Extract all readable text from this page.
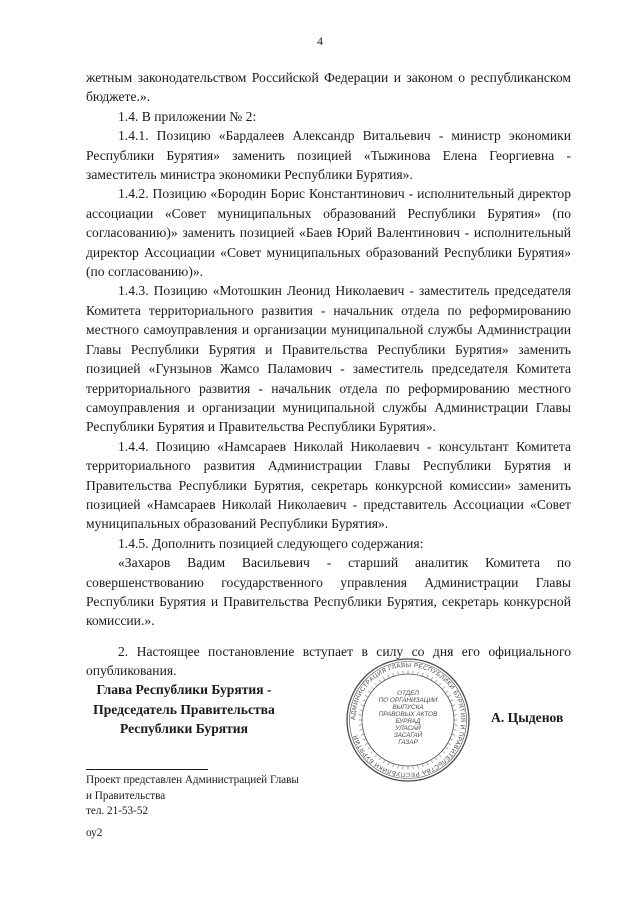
4

жетным законодательством Российской Федерации и законом о республиканском бюджете.».

1.4. В приложении № 2:

1.4.1. Позицию «Бардалеев Александр Витальевич - министр экономики Республики Бурятия» заменить позицией «Тыжинова Елена Георгиевна - заместитель министра экономики Республики Бурятия».

1.4.2. Позицию «Бородин Борис Константинович - исполнительный директор ассоциации «Совет муниципальных образований Республики Бурятия» (по согласованию)» заменить позицией «Баев Юрий Валентинович - исполнительный директор Ассоциации «Совет муниципальных образований Республики Бурятия» (по согласованию)».

1.4.3. Позицию «Мотошкин Леонид Николаевич - заместитель председателя Комитета территориального развития - начальник отдела по реформированию местного самоуправления и организации муниципальной службы Администрации Главы Республики Бурятия и Правительства Республики Бурятия» заменить позицией «Гунзынов Жамсо Паламович - заместитель председателя Комитета территориального развития - начальник отдела по реформированию местного самоуправления и организации муниципальной службы Администрации Главы Республики Бурятия и Правительства Республики Бурятия».

1.4.4. Позицию «Намсараев Николай Николаевич - консультант Комитета территориального развития Администрации Главы Республики Бурятия и Правительства Республики Бурятия, секретарь конкурсной комиссии» заменить позицией «Намсараев Николай Николаевич - представитель Ассоциации «Совет муниципальных образований Республики Бурятия».

1.4.5. Дополнить позицией следующего содержания:

«Захаров Вадим Васильевич - старший аналитик Комитета по совершенствованию государственного управления Администрации Главы Республики Бурятия и Правительства Республики Бурятия, секретарь конкурсной комиссии.».

2. Настоящее постановление вступает в силу со дня его официального опубликования.

Глава Республики Бурятия -
Председатель Правительства
Республики Бурятия
АДМИНИСТРАЦИЯ ГЛАВЫ РЕСПУБЛИКИ БУРЯТИЯ И ПРАВИТЕЛЬСТВА РЕСПУБЛИКИ БУРЯТИЯ
ОТДЕЛ
ПО ОРГАНИЗАЦИИ
ВЫПУСКА
ПРАВОВЫХ АКТОВ
БУРЯАД
УЛАСАЙ
ЗАСАГАЙ
ГАЗАР
А. Цыденов
Проект представлен Администрацией Главы
и Правительства
тел. 21-53-52
оу2
